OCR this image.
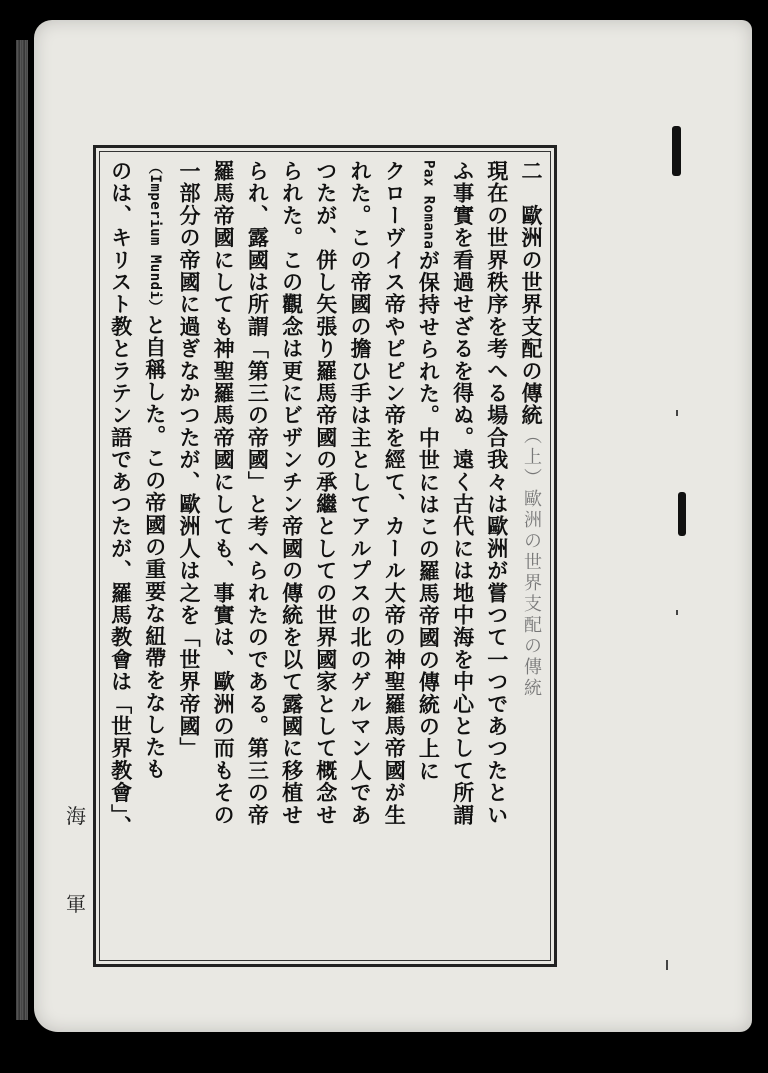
二　歐洲の世界支配の傳統（上）歐洲の世界支配の傳統
現在の世界秩序を考へる場合我々は歐洲が嘗つて一つであつたとい
ふ事實を看過せざるを得ぬ。遠く古代には地中海を中心として所謂
Pax Romanaが保持せられた。中世にはこの羅馬帝國の傳統の上に
クローヴイス帝やピピン帝を經て、カール大帝の神聖羅馬帝國が生
れた。この帝國の擔ひ手は主としてアルプスの北のゲルマン人であ
つたが、併し矢張り羅馬帝國の承繼としての世界國家として概念せ
られた。この觀念は更にビザンチン帝國の傳統を以て露國に移植せ
られ、露國は所謂「第三の帝國」と考へられたのである。第三の帝
羅馬帝國にしても神聖羅馬帝國にしても、事實は、歐洲の而もその
一部分の帝國に過ぎなかつたが、歐洲人は之を「世界帝國」
（Imperium Mundi）と自稱した。この帝國の重要な紐帶をなしたも
のは、キリスト教とラテン語であつたが、羅馬教會は「世界教會」、
海
軍
